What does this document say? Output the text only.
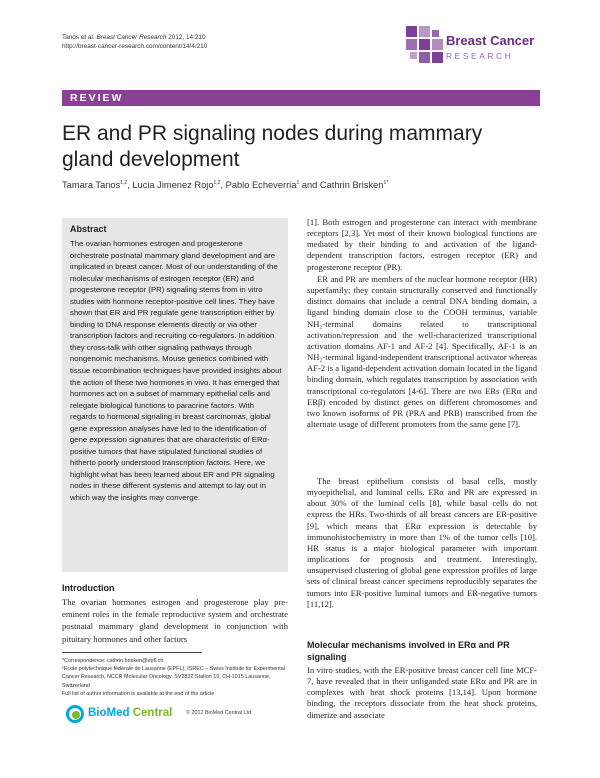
Tanos et al. Breast Cancer Research 2012, 14:210
http://breast-cancer-research.com/content/14/4/210	Breast Cancer
RESEARCH
REVIEW
ER and PR signaling nodes during mammary gland development
Tamara Tanos$^{1,2}$, Lucia Jimenez Rojo$^{1,2}$, Pablo Echeverria$^1$ and Cathrin Brisken$^{1*}$
Abstract

The ovarian hormones estrogen and progesterone orchestrate postnatal mammary gland development and are implicated in breast cancer. Most of our understanding of the molecular mechanisms of estrogen receptor (ER) and progesterone receptor (PR) signaling stems from in vitro studies with hormone receptor-positive cell lines. They have shown that ER and PR regulate gene transcription either by binding to DNA response elements directly or via other transcription factors and recruiting co-regulators. In addition they cross-talk with other signaling pathways through nongenomic mechanisms. Mouse genetics combined with tissue recombination techniques have provided insights about the action of these two hormones in vivo. It has emerged that hormones act on a subset of mammary epithelial cells and relegate biological functions to paracrine factors. With regards to hormonal signaling in breast carcinomas, global gene expression analyses have led to the identification of gene expression signatures that are characteristic of ERα-positive tumors that have stipulated functional studies of hitherto poorly understood transcription factors. Here, we highlight what has been learned about ER and PR signaling nodes in these different systems and attempt to lay out in which way the insights may converge.

Introduction

The ovarian hormones estrogen and progesterone play pre-eminent roles in the female reproductive system and orchestrate postnatal mammary gland development in conjunction with pituitary hormones and other factors

*Correspondence: cathrin.brisken@epfl.ch
¹Ecole polytechnique fédérale de Lausanne (EPFL), ISREC – Swiss Institute for Experimental Cancer Research, NCCR Molecular Oncology, SV2832 Station 19, CH-1015 Lausanne, Switzerland
Full list of author information is available at the end of the article
BioMed Central	© 2012 BioMed Central Ltd

[1]. Both estrogen and progesterone can interact with membrane receptors [2,3]. Yet most of their known biological functions are mediated by their binding to and activation of the ligand-dependent transcription factors, estrogen receptor (ER) and progesterone receptor (PR).

ER and PR are members of the nuclear hormone receptor (HR) superfamily; they contain structurally conserved and functionally distinct domains that include a central DNA binding domain, a ligand binding domain close to the COOH terminus, variable NH₂-terminal domains related to transcriptional activation/repression and the well-characterized transcriptional activation domains AF-1 and AF-2 [4]. Specifically, AF-1 is an NH₂-terminal ligand-independent transcriptional activator whereas AF-2 is a ligand-dependent activation domain located in the ligand binding domain, which regulates transcription by association with transcriptional co-regulators [4-6]. There are two ERs (ERα and ERβ) encoded by distinct genes on different chromosomes and two known isoforms of PR (PRA and PRB) transcribed from the alternate usage of different promoters from the same gene [7].

The breast epithelium consists of basal cells, mostly myoepithelial, and luminal cells. ERα and PR are expressed in about 30% of the luminal cells [8], while basal cells do not express the HRs. Two-thirds of all breast cancers are ER-positive [9], which means that ERα expression is detectable by immunohistochemistry in more than 1% of the tumor cells [10]. HR status is a major biological parameter with important implications for prognosis and treatment. Interestingly, unsupervised clustering of global gene expression profiles of large sets of clinical breast cancer specimens reproducibly separates the tumors into ER-positive luminal tumors and ER-negative tumors [11,12].

Molecular mechanisms involved in ERα and PR signaling

In vitro studies, with the ER-positive breast cancer cell line MCF-7, have revealed that in their unliganded state ERα and PR are in complexes with heat shock proteins [13,14]. Upon hormone binding, the receptors dissociate from the heat shock proteins, dimerize and associate
